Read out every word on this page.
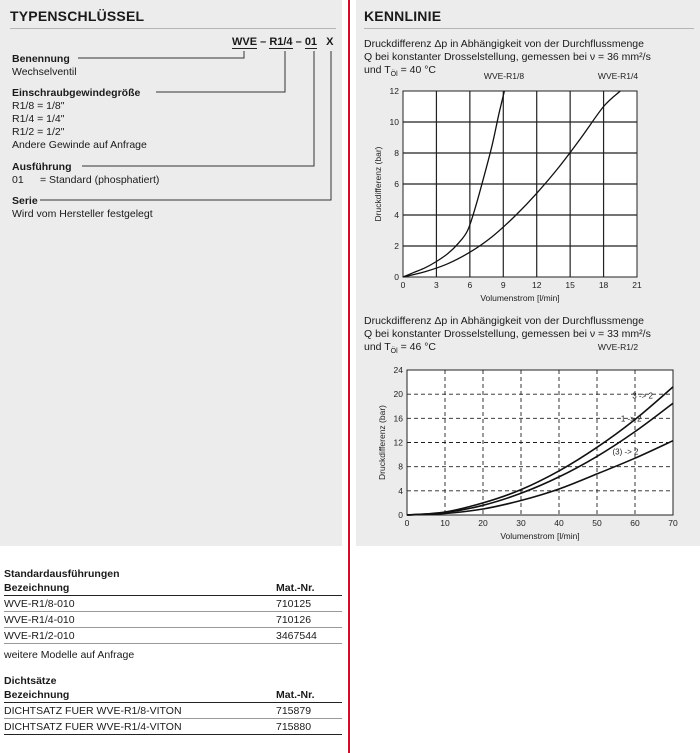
TYPENSCHLÜSSEL
WVE – R1/4 – 01 X
Benennung
Wechselventil
Einschraubgewindegröße
R1/8 = 1/8"
R1/4 = 1/4"
R1/2 = 1/2"
Andere Gewinde auf Anfrage
Ausführung
01 = Standard (phosphatiert)
Serie
Wird vom Hersteller festgelegt
KENNLINIE
Druckdifferenz Δp in Abhängigkeit von der Durchflussmenge
Q bei konstanter Drosselstellung, gemessen bei ν = 36 mm²/s
und $T_{Öl} = 40$ °C
Druckdifferenz Δp in Abhängigkeit von der Durchflussmenge
Q bei konstanter Drosselstellung, gemessen bei ν = 33 mm²/s
und $T_{Öl} = 46$ °C
0	3	6	9	12	15	18	21
0
2
4
6
8
10
12
Volumenstrom [l/min]
Druckdifferenz (bar)
WVE-R1/8	WVE-R1/4
0	10	20	30	40	50	60	70
0
4
8
12
16
20
24
Volumenstrom [l/min]
Druckdifferenz (bar)
WVE-R1/2
3 -> 2
1 -> 2
(3) -> 2
Standardausführungen
Bezeichnung	Mat.-Nr.
WVE-R1/8-010	710125
WVE-R1/4-010	710126
WVE-R1/2-010	3467544
weitere Modelle auf Anfrage
Dichtsätze
Bezeichnung	Mat.-Nr.
DICHTSATZ FUER WVE-R1/8-VITON	715879
DICHTSATZ FUER WVE-R1/4-VITON	715880
